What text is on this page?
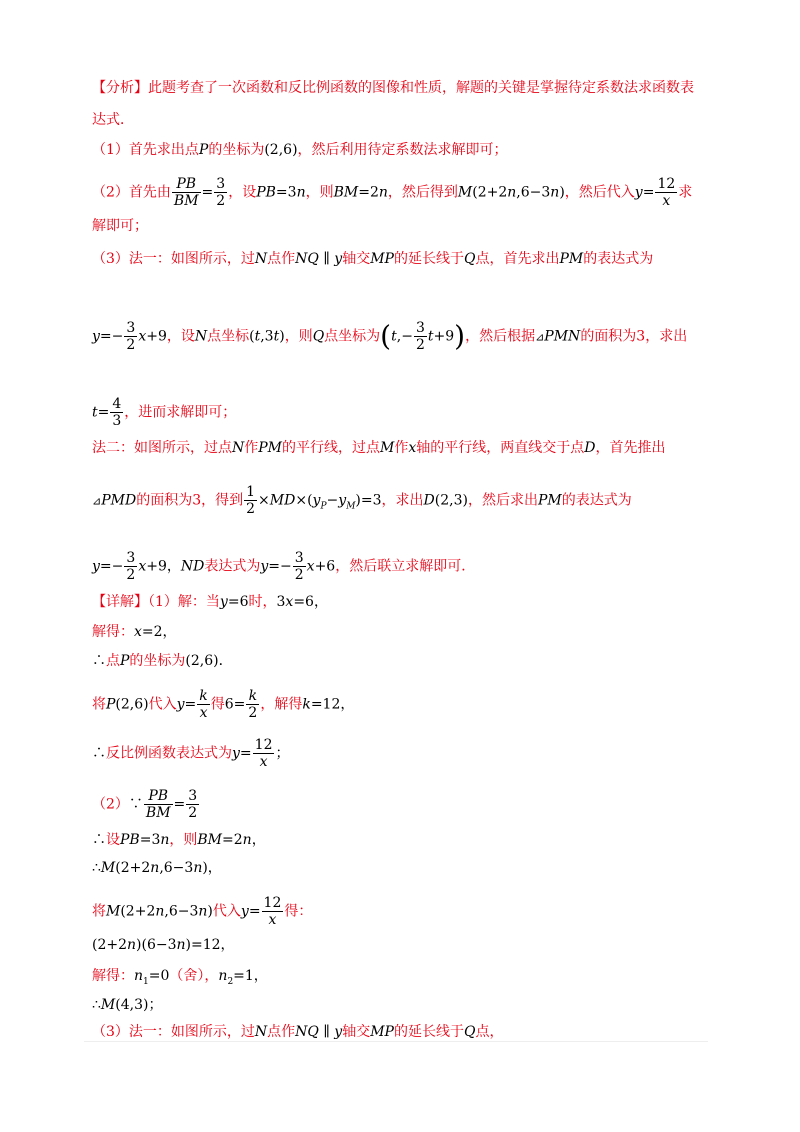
【分析】此题考查了一次函数和反比例函数的图像和性质，解题的关键是掌握待定系数法求函数表
达式．
（1）首先求出点P的坐标为(2,6)，然后利用待定系数法求解即可；
（2）首先由 $\frac{PB}{BM} = \frac{3}{2}$ ，设PB=3n，则BM=2n，然后得到M(2+2n,6−3n)，然后代入$y= \frac{12}{x}$ 求
解即可；
（3）法一：如图所示，过N点作NQ ∥ y轴交MP的延长线于Q点，首先求出PM的表达式为
$y=- \frac{3}{2} x+9$，设N点坐标(t,3t)，则Q点坐标为$(t,- \frac{3}{2} t+9)$，然后根据⊿PMN的面积为3，求出
$t= \frac{4}{3}$ ，进而求解即可；
法二：如图所示，过点N作PM的平行线，过点M作x轴的平行线，两直线交于点D，首先推出
⊿PMD的面积为3，得到 $\frac{1}{2} \times MD\times(y_P-y_M)=3$，求出D(2,3)，然后求出PM的表达式为
$y=- \frac{3}{2} x+9$，ND表达式为$y=- \frac{3}{2} x+6$，然后联立求解即可．
【详解】（1）解：当y=6时，3x=6，
解得：x=2，
∴点P的坐标为(2,6)．
将P(2,6)代入$y= \frac{k}{x}$ 得$6= \frac{k}{2}$ ，解得k=12，
∴反比例函数表达式为$y= \frac{12}{x}$ ；
（2）∵ $\frac{PB}{BM} = \frac{3}{2}$
∴设PB=3n，则BM=2n，
∴M(2+2n,6−3n)，
将M(2+2n,6−3n)代入$y= \frac{12}{x}$ 得：
(2+2n)(6−3n)=12，
解得：$n_1=0$（舍），$n_2=1$，
∴M(4,3)；
（3）法一：如图所示，过N点作NQ ∥ y轴交MP的延长线于Q点，
